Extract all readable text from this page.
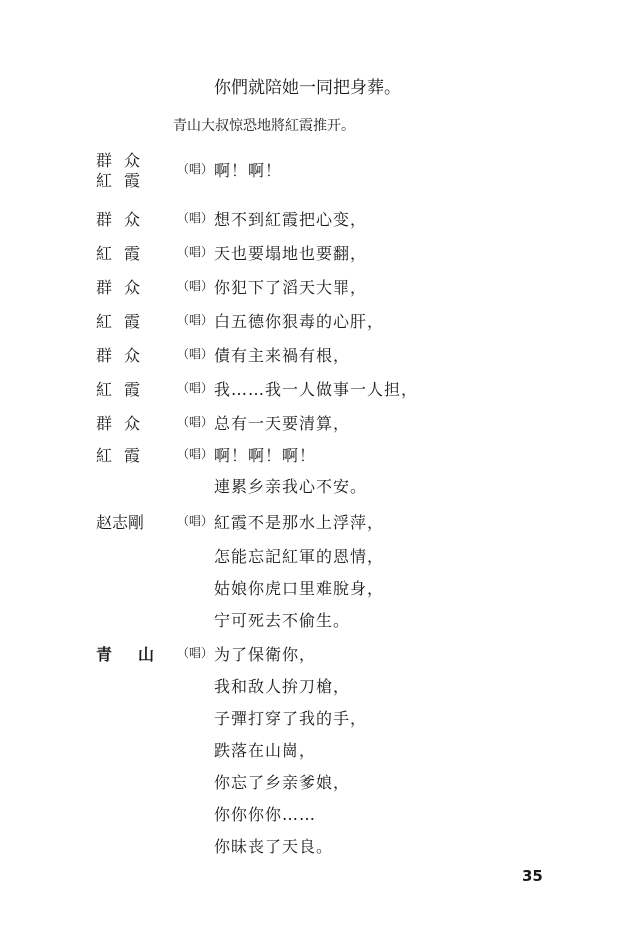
你們就陪她一同把身葬。
青山大叔惊恐地將紅霞推开。
群众
紅霞
（唱） 啊！啊！
群众 （唱） 想不到紅霞把心变，
紅霞 （唱） 天也要塌地也要翻，
群众 （唱） 你犯下了滔天大罪，
紅霞 （唱） 白五德你狠毒的心肝，
群众 （唱） 債有主来禍有根，
紅霞 （唱） 我……我一人做事一人担，
群众 （唱） 总有一天要清算，
紅霞 （唱） 啊！啊！啊！
連累乡亲我心不安。
赵志剛	（唱） 紅霞不是那水上浮萍，
怎能忘記紅軍的恩情，
姑娘你虎口里难脫身，
宁可死去不偷生。
青山
（唱） 为了保衛你，
我和敌人拚刀槍，
子彈打穿了我的手，
跌落在山崗，
你忘了乡亲爹娘，
你你你你……
你昧丧了天良。
35
